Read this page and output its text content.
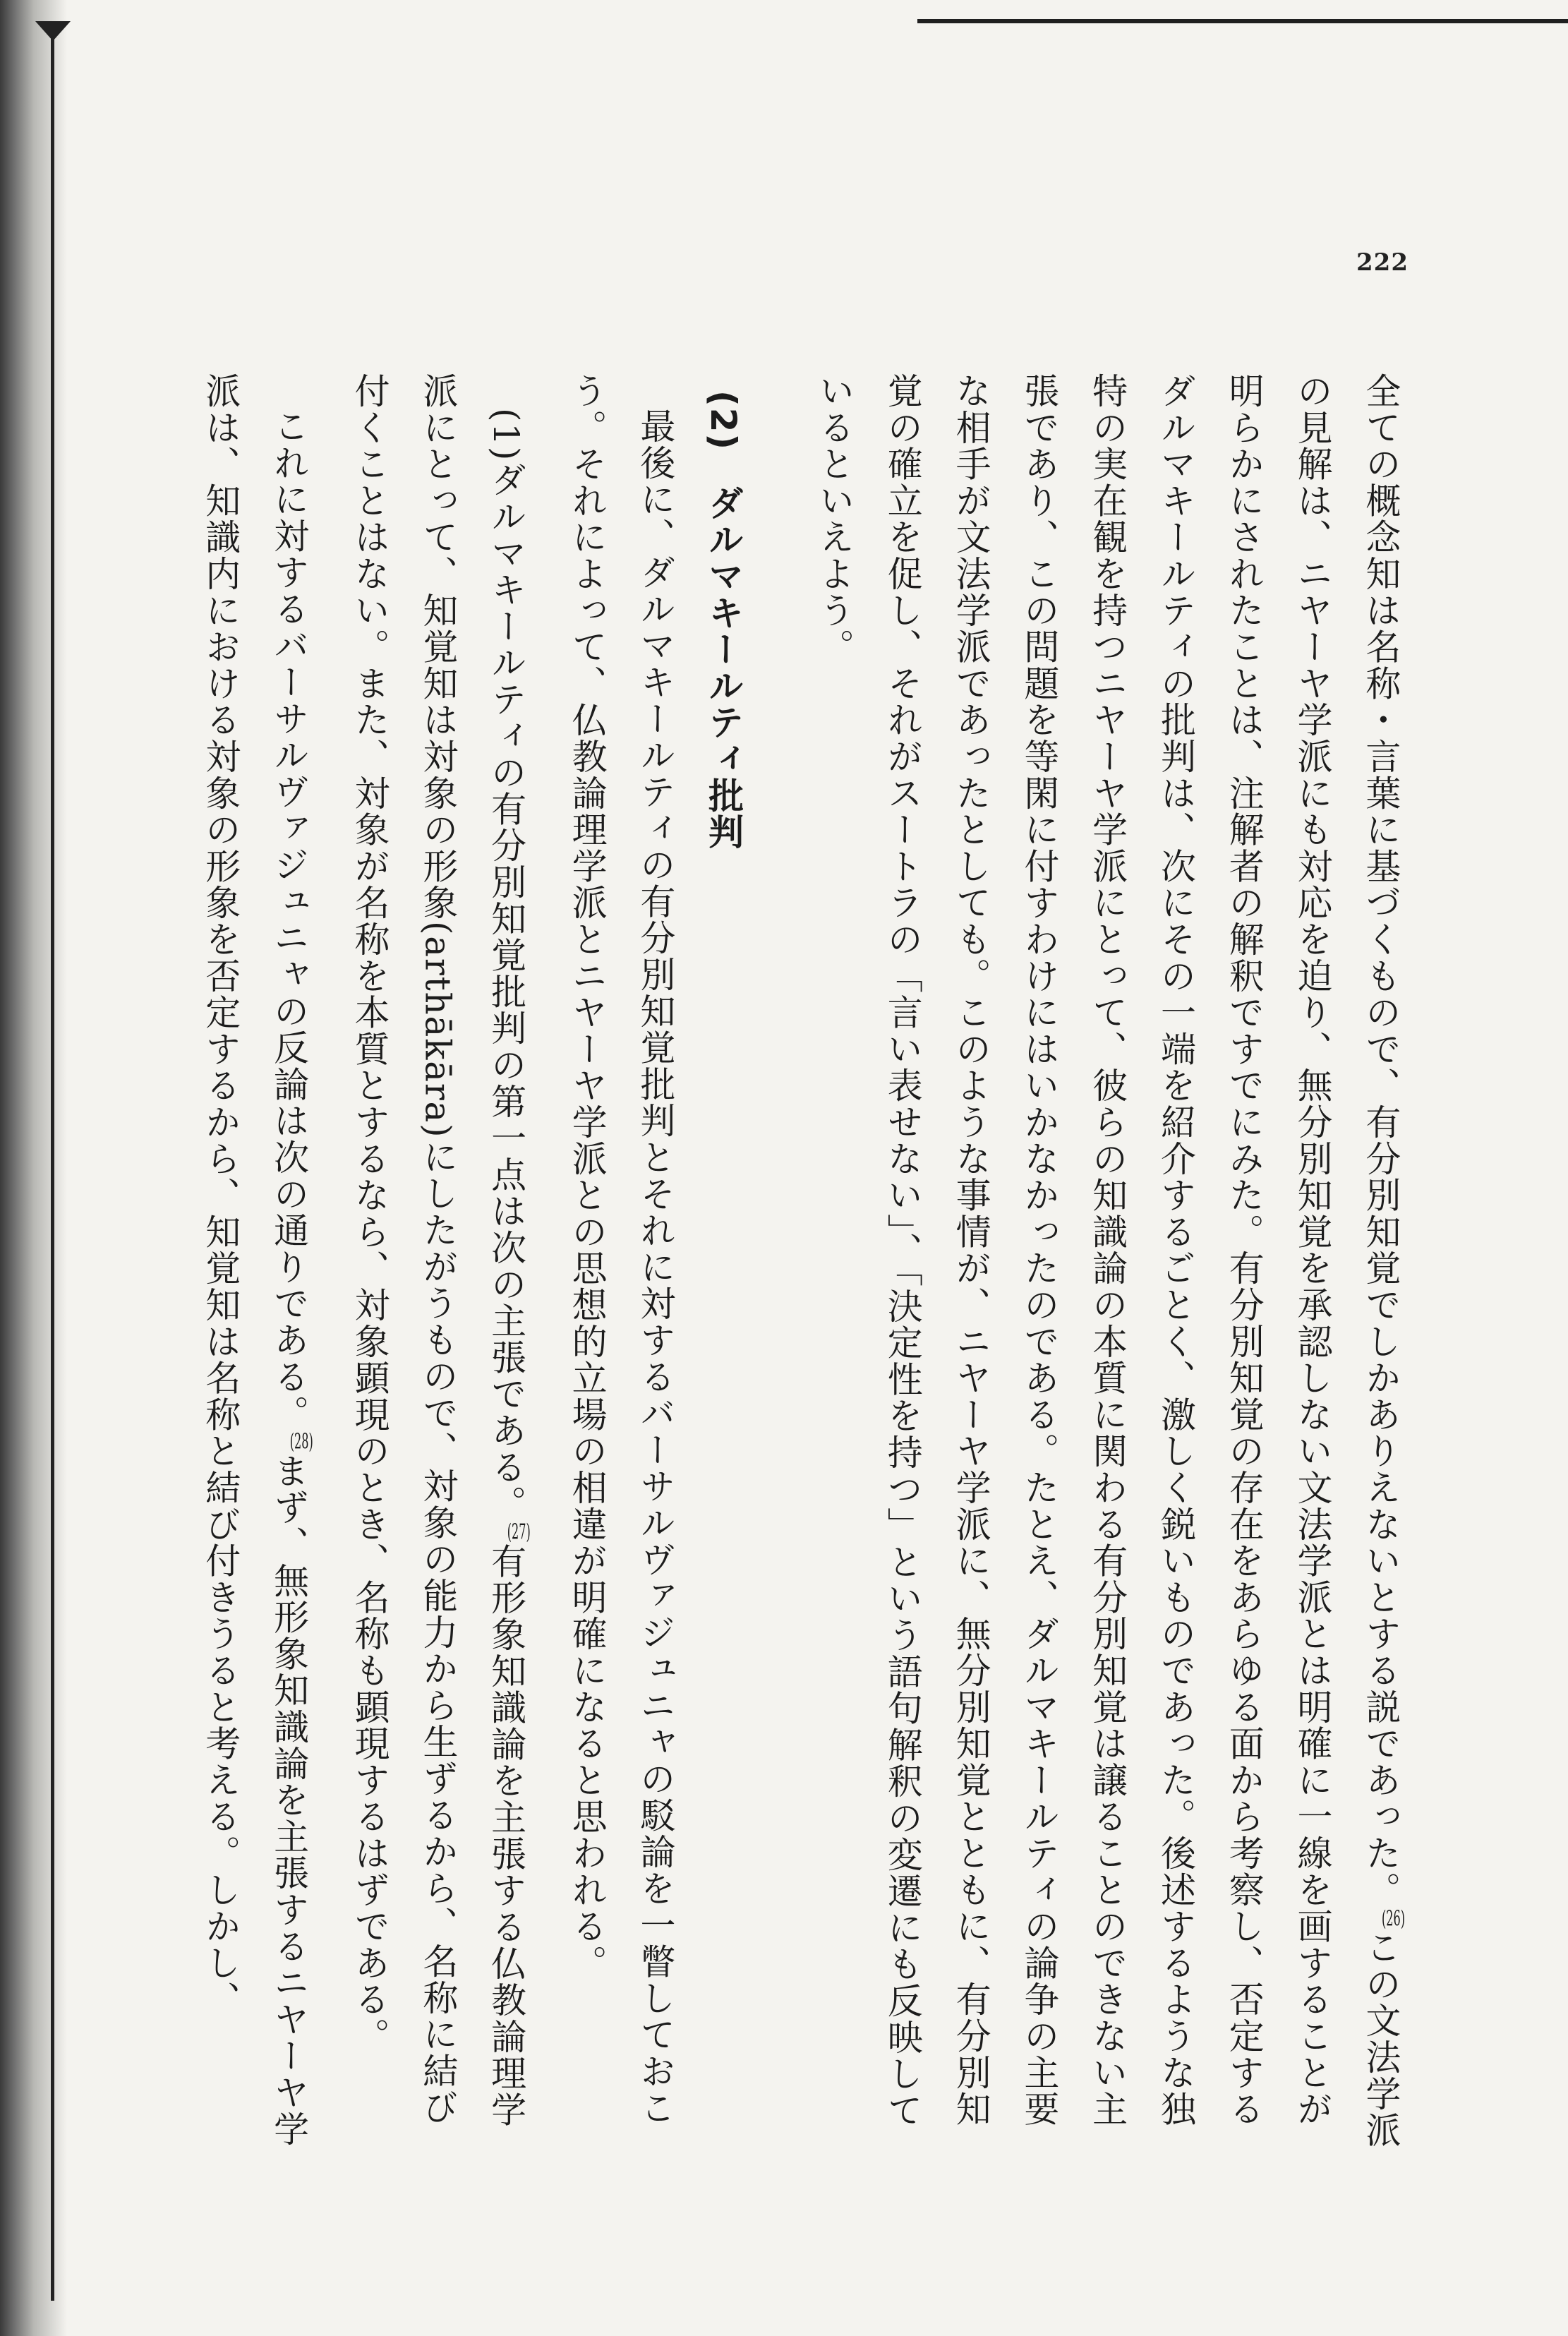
222

全ての概念知は名称・言葉に基づくもので、有分別知覚でしかありえないとする説であった。$^{(26)}$この文法学派の見解は、ニヤーヤ学派にも対応を迫り、無分別知覚を承認しない文法学派とは明確に一線を画することが明らかにされたことは、注解者の解釈ですでにみた。有分別知覚の存在をあらゆる面から考察し、否定するダルマキールティの批判は、次にその一端を紹介するごとく、激しく鋭いものであった。後述するような独特の実在観を持つニヤーヤ学派にとって、彼らの知識論の本質に関わる有分別知覚は譲ることのできない主張であり、この問題を等閑に付すわけにはいかなかったのである。たとえ、ダルマキールティの論争の主要な相手が文法学派であったとしても。このような事情が、ニヤーヤ学派に、無分別知覚とともに、有分別知覚の確立を促し、それがスートラの「言い表せない」、「決定性を持つ」という語句解釈の変遷にも反映しているといえよう。

(2)ダルマキールティ批判

最後に、ダルマキールティの有分別知覚批判とそれに対するバーサルヴァジュニャの駁論を一瞥しておこう。それによって、仏教論理学派とニヤーヤ学派との思想的立場の相違が明確になると思われる。

(1)ダルマキールティの有分別知覚批判の第一点は次の主張である。$^{(27)}$有形象知識論を主張する仏教論理学派にとって、知覚知は対象の形象(arthākāra)にしたがうもので、対象の能力から生ずるから、名称に結び付くことはない。また、対象が名称を本質とするなら、対象顕現のとき、名称も顕現するはずである。

これに対するバーサルヴァジュニャの反論は次の通りである。$^{(28)}$まず、無形象知識論を主張するニヤーヤ学派は、知識内における対象の形象を否定するから、知覚知は名称と結び付きうると考える。しかし、
